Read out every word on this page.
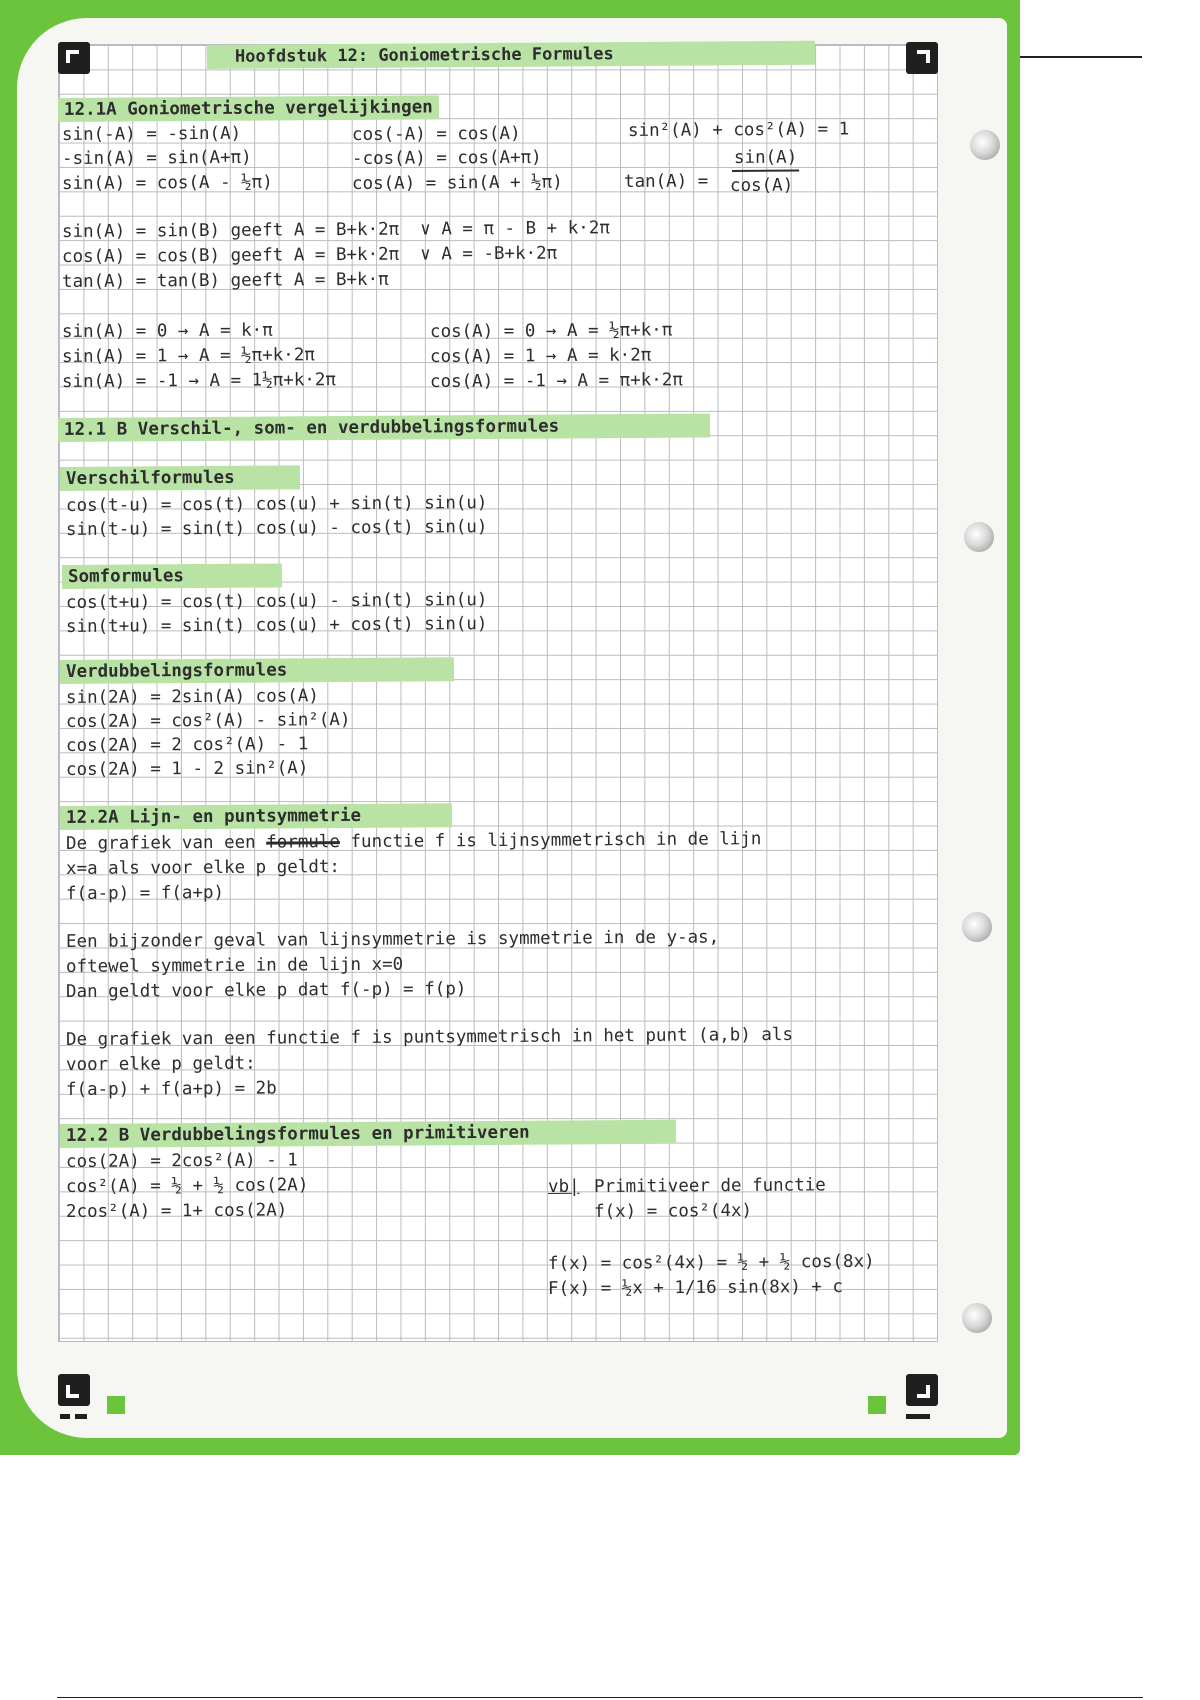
Hoofdstuk 12: Goniometrische Formules
12.1A Goniometrische vergelijkingen
sin(-A) = -sin(A)
-sin(A) = sin(A+π)
sin(A) = cos(A - ½π)
cos(-A) = cos(A)
-cos(A) = cos(A+π)
cos(A) = sin(A + ½π)
sin²(A) + cos²(A) = 1
tan(A) =
sin(A)
cos(A)
sin(A) = sin(B) geeft A = B+k·2π  ∨ A = π - B + k·2π
cos(A) = cos(B) geeft A = B+k·2π  ∨ A = -B+k·2π
tan(A) = tan(B) geeft A = B+k·π
sin(A) = 0 → A = k·π
sin(A) = 1 → A = ½π+k·2π
sin(A) = -1 → A = 1½π+k·2π
cos(A) = 0 → A = ½π+k·π
cos(A) = 1 → A = k·2π
cos(A) = -1 → A = π+k·2π
12.1 B Verschil-, som- en verdubbelingsformules
Verschilformules
cos(t-u) = cos(t) cos(u) + sin(t) sin(u)
sin(t-u) = sin(t) cos(u) - cos(t) sin(u)
Somformules
cos(t+u) = cos(t) cos(u) - sin(t) sin(u)
sin(t+u) = sin(t) cos(u) + cos(t) sin(u)
Verdubbelingsformules
sin(2A) = 2sin(A) cos(A)
cos(2A) = cos²(A) - sin²(A)
cos(2A) = 2 cos²(A) - 1
cos(2A) = 1 - 2 sin²(A)
12.2A Lijn- en puntsymmetrie
De grafiek van een formule functie f is lijnsymmetrisch in de lijn
x=a als voor elke p geldt:
f(a-p) = f(a+p)
Een bijzonder geval van lijnsymmetrie is symmetrie in de y-as,
oftewel symmetrie in de lijn x=0
Dan geldt voor elke p dat f(-p) = f(p)
De grafiek van een functie f is puntsymmetrisch in het punt (a,b) als
voor elke p geldt:
f(a-p) + f(a+p) = 2b
12.2 B Verdubbelingsformules en primitiveren
cos(2A) = 2cos²(A) - 1
cos²(A) = ½ + ½ cos(2A)
2cos²(A) = 1+ cos(2A)
vb| Primitiveer de functie
f(x) = cos²(4x)
f(x) = cos²(4x) = ½ + ½ cos(8x)
F(x) = ½x + 1/16 sin(8x) + c
